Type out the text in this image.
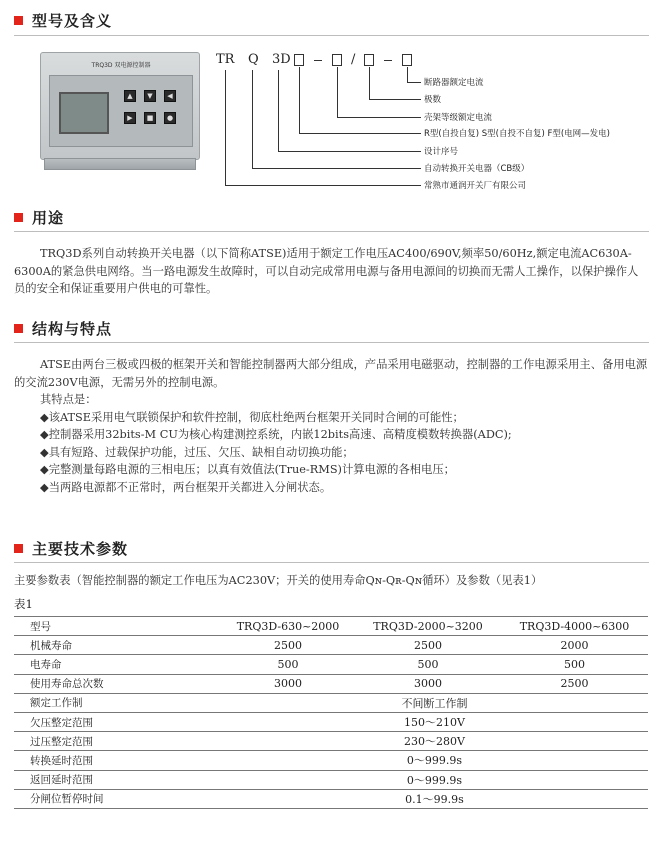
型号及含义
TRQ3D 双电源控制器
▲	▼	◀
▶	■	●
TR Q 3D	/
断路器额定电流
极数
壳架等级额定电流
R型(自投自复) S型(自投不自复) F型(电网—发电)
设计序号
自动转换开关电器（CB级）
常熟市通润开关厂有限公司
用途

TRQ3D系列自动转换开关电器（以下简称ATSE)适用于额定工作电压AC400/690V,频率50/60Hz,额定电流AC630A- 6300A的紧急供电网络。当一路电源发生故障时，可以自动完成常用电源与备用电源间的切换而无需人工操作，以保护操作人员的安全和保证重要用户供电的可靠性。

结构与特点

ATSE由两台三极或四极的框架开关和智能控制器两大部分组成，产品采用电磁驱动，控制器的工作电源采用主、备用电源的交流230V电源，无需另外的控制电源。

其特点是：

◆该ATSE采用电气联锁保护和软件控制，彻底杜绝两台框架开关同时合闸的可能性；
◆控制器采用32bits-M CU为核心构建测控系统，内嵌12bits高速、高精度模数转换器(ADC);
◆具有短路、过载保护功能，过压、欠压、缺相自动切换功能；
◆完整测量每路电源的三相电压；以真有效值法(True-RMS)计算电源的各相电压；
◆当两路电源都不正常时，两台框架开关都进入分闸状态。
主要技术参数

主要参数表（智能控制器的额定工作电压为AC230V；开关的使用寿命Qɴ-Qʀ-Qɴ循环）及参数（见表1）

表1
型号	TRQ3D-630~2000	TRQ3D-2000~3200	TRQ3D-4000~6300
机械寿命	2500	2500	2000
电寿命	500	500	500
使用寿命总次数	3000	3000	2500
额定工作制	不间断工作制		
欠压整定范围	150～210V		
过压整定范围	230～280V		
转换延时范围	0～999.9s		
返回延时范围	0～999.9s		
分闸位暂停时间	0.1～99.9s		
